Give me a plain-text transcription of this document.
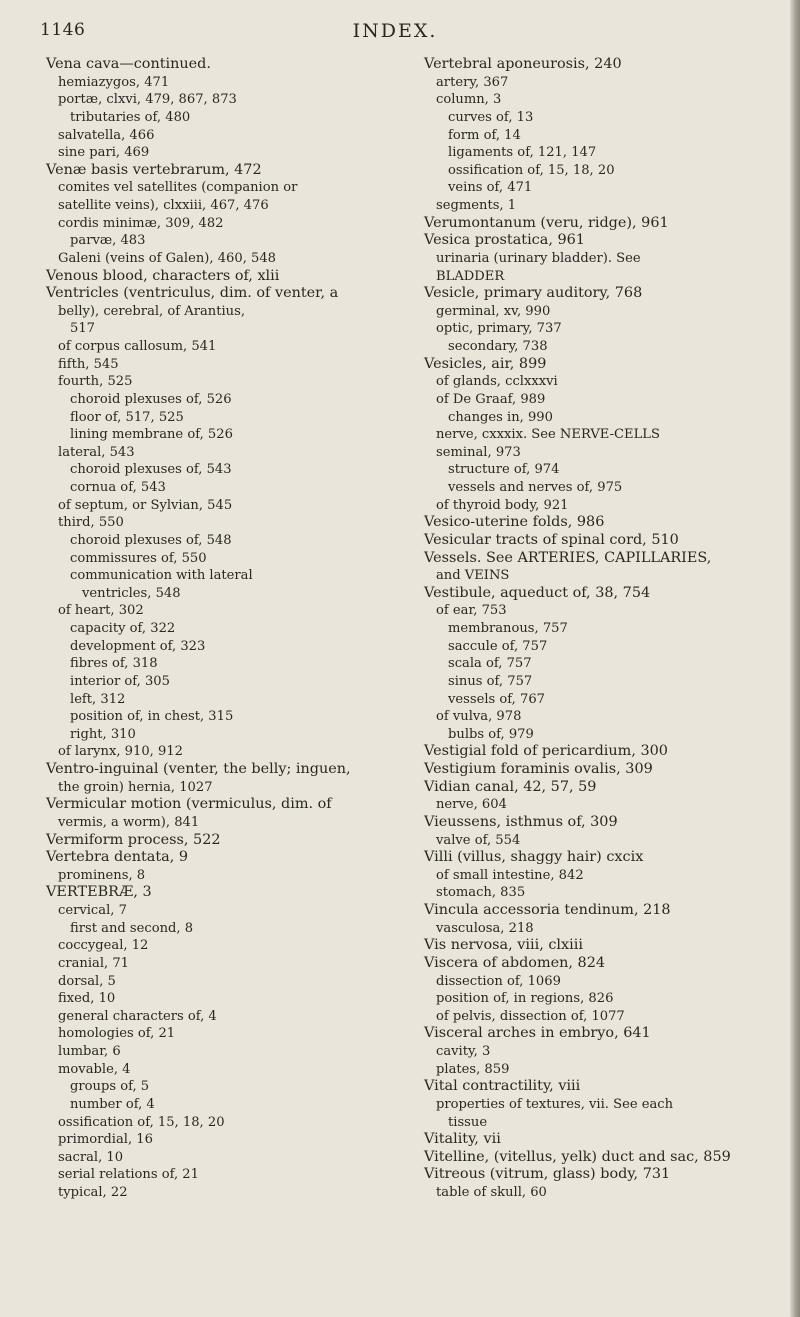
1146	INDEX.
Vena cava—continued.
hemiazygos, 471
portæ, clxvi, 479, 867, 873
tributaries of, 480
salvatella, 466
sine pari, 469
Venæ basis vertebrarum, 472
comites vel satellites (companion or
satellite veins), clxxiii, 467, 476
cordis minimæ, 309, 482
parvæ, 483
Galeni (veins of Galen), 460, 548
Venous blood, characters of, xlii
Ventricles (ventriculus, dim. of venter, a
belly), cerebral, of Arantius,
517
of corpus callosum, 541
fifth, 545
fourth, 525
choroid plexuses of, 526
floor of, 517, 525
lining membrane of, 526
lateral, 543
choroid plexuses of, 543
cornua of, 543
of septum, or Sylvian, 545
third, 550
choroid plexuses of, 548
commissures of, 550
communication with lateral
ventricles, 548
of heart, 302
capacity of, 322
development of, 323
fibres of, 318
interior of, 305
left, 312
position of, in chest, 315
right, 310
of larynx, 910, 912
Ventro-inguinal (venter, the belly; inguen,
the groin) hernia, 1027
Vermicular motion (vermiculus, dim. of
vermis, a worm), 841
Vermiform process, 522
Vertebra dentata, 9
prominens, 8
VERTEBRÆ, 3
cervical, 7
first and second, 8
coccygeal, 12
cranial, 71
dorsal, 5
fixed, 10
general characters of, 4
homologies of, 21
lumbar, 6
movable, 4
groups of, 5
number of, 4
ossification of, 15, 18, 20
primordial, 16
sacral, 10
serial relations of, 21
typical, 22
Vertebral aponeurosis, 240
artery, 367
column, 3
curves of, 13
form of, 14
ligaments of, 121, 147
ossification of, 15, 18, 20
veins of, 471
segments, 1
Verumontanum (veru, ridge), 961
Vesica prostatica, 961
urinaria (urinary bladder). See
BLADDER
Vesicle, primary auditory, 768
germinal, xv, 990
optic, primary, 737
secondary, 738
Vesicles, air, 899
of glands, cclxxxvi
of De Graaf, 989
changes in, 990
nerve, cxxxix. See NERVE-CELLS
seminal, 973
structure of, 974
vessels and nerves of, 975
of thyroid body, 921
Vesico-uterine folds, 986
Vesicular tracts of spinal cord, 510
Vessels. See ARTERIES, CAPILLARIES,
and VEINS
Vestibule, aqueduct of, 38, 754
of ear, 753
membranous, 757
saccule of, 757
scala of, 757
sinus of, 757
vessels of, 767
of vulva, 978
bulbs of, 979
Vestigial fold of pericardium, 300
Vestigium foraminis ovalis, 309
Vidian canal, 42, 57, 59
nerve, 604
Vieussens, isthmus of, 309
valve of, 554
Villi (villus, shaggy hair) cxcix
of small intestine, 842
stomach, 835
Vincula accessoria tendinum, 218
vasculosa, 218
Vis nervosa, viii, clxiii
Viscera of abdomen, 824
dissection of, 1069
position of, in regions, 826
of pelvis, dissection of, 1077
Visceral arches in embryo, 641
cavity, 3
plates, 859
Vital contractility, viii
properties of textures, vii. See each
tissue
Vitality, vii
Vitelline, (vitellus, yelk) duct and sac, 859
Vitreous (vitrum, glass) body, 731
table of skull, 60
